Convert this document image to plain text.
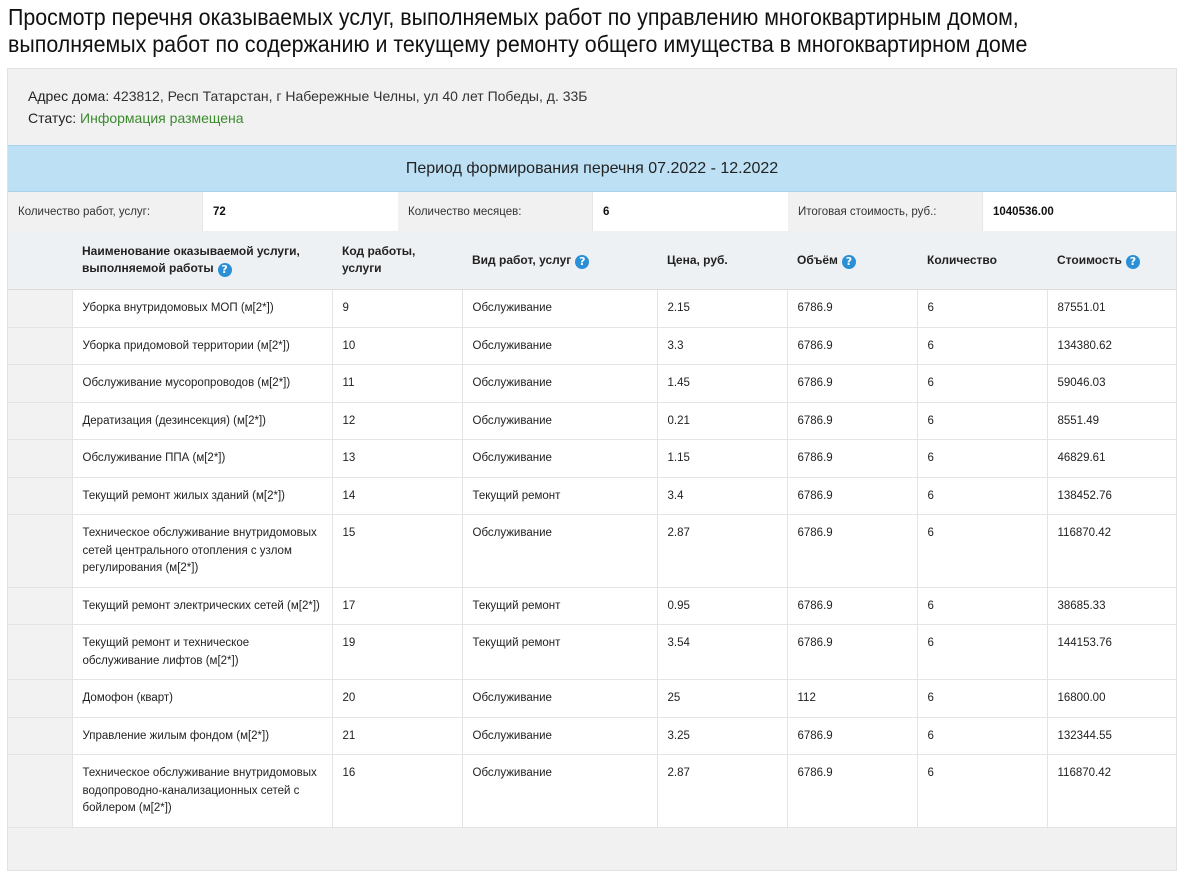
Просмотр перечня оказываемых услуг, выполняемых работ по управлению многоквартирным домом, выполняемых работ по содержанию и текущему ремонту общего имущества в многоквартирном доме
Адрес дома: 423812, Респ Татарстан, г Набережные Челны, ул 40 лет Победы, д. 33Б
Статус: Информация размещена
Период формирования перечня 07.2022 - 12.2022
Количество работ, услуг:	72	Количество месяцев:	6	Итоговая стоимость, руб.:	1040536.00
	Наименование оказываемой услуги, выполняемой работы ?	Код работы, услуги	Вид работ, услуг ?	Цена, руб.	Объём ?	Количество	Стоимость ?
	Уборка внутридомовых МОП (м[2*])	9	Обслуживание	2.15	6786.9	6	87551.01
	Уборка придомовой территории (м[2*])	10	Обслуживание	3.3	6786.9	6	134380.62
	Обслуживание мусоропроводов (м[2*])	11	Обслуживание	1.45	6786.9	6	59046.03
	Дератизация (дезинсекция) (м[2*])	12	Обслуживание	0.21	6786.9	6	8551.49
	Обслуживание ППА (м[2*])	13	Обслуживание	1.15	6786.9	6	46829.61
	Текущий ремонт жилых зданий (м[2*])	14	Текущий ремонт	3.4	6786.9	6	138452.76
	Техническое обслуживание внутридомовых сетей центрального отопления с узлом регулирования (м[2*])	15	Обслуживание	2.87	6786.9	6	116870.42
	Текущий ремонт электрических сетей (м[2*])	17	Текущий ремонт	0.95	6786.9	6	38685.33
	Текущий ремонт и техническое обслуживание лифтов (м[2*])	19	Текущий ремонт	3.54	6786.9	6	144153.76
	Домофон (кварт)	20	Обслуживание	25	112	6	16800.00
	Управление жилым фондом (м[2*])	21	Обслуживание	3.25	6786.9	6	132344.55
	Техническое обслуживание внутридомовых водопроводно-канализационных сетей с бойлером (м[2*])	16	Обслуживание	2.87	6786.9	6	116870.42
